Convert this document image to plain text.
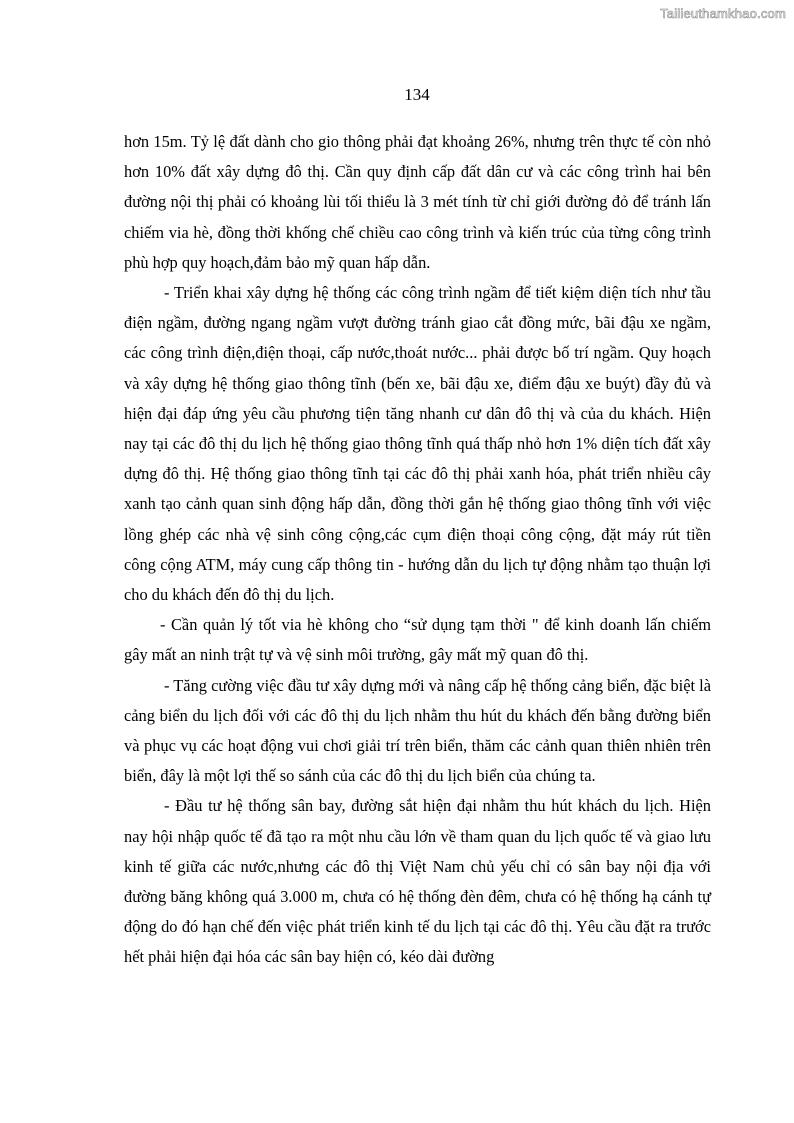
Tailieuthamkhao.com
134

hơn 15m. Tỷ lệ đất dành cho gio thông phải đạt khoảng 26%, nhưng trên thực tế còn nhỏ hơn 10% đất xây dựng đô thị. Cần quy định cấp đất dân cư và các công trình hai bên đường nội thị phải có khoảng lùi tối thiểu là 3 mét tính từ chỉ giới đường đỏ để tránh lấn chiếm via hè, đồng thời khống chế chiều cao công trình và kiến trúc của từng công trình phù hợp quy hoạch,đảm bảo mỹ quan hấp dẫn.

- Triển khai xây dựng hệ thống các công trình ngầm để tiết kiệm diện tích như tầu điện ngầm, đường ngang ngầm vượt đường tránh giao cắt đồng mức, bãi đậu xe ngầm, các công trình điện,điện thoại, cấp nước,thoát nước... phải được bố trí ngầm. Quy hoạch và xây dựng hệ thống giao thông tĩnh (bến xe, bãi đậu xe, điểm đậu xe buýt) đầy đủ và hiện đại đáp ứng yêu cầu phương tiện tăng nhanh cư dân đô thị và của du khách. Hiện nay tại các đô thị du lịch hệ thống giao thông tĩnh quá thấp nhỏ hơn 1% diện tích đất xây dựng đô thị. Hệ thống giao thông tĩnh tại các đô thị phải xanh hóa, phát triển nhiều cây xanh tạo cảnh quan sinh động hấp dẫn, đồng thời gắn hệ thống giao thông tĩnh với việc lồng ghép các nhà vệ sinh công cộng,các cụm điện thoại công cộng, đặt máy rút tiền công cộng ATM, máy cung cấp thông tin - hướng dẫn du lịch tự động nhằm tạo thuận lợi cho du khách đến đô thị du lịch.

- Cần quản lý tốt via hè không cho “sử dụng tạm thời " để kinh doanh lấn chiếm gây mất an ninh trật tự và vệ sinh môi trường, gây mất mỹ quan đô thị.

- Tăng cường việc đầu tư xây dựng mới và nâng cấp hệ thống cảng biển, đặc biệt là cảng biển du lịch đối với các đô thị du lịch nhằm thu hút du khách đến bằng đường biển và phục vụ các hoạt động vui chơi giải trí trên biển, thăm các cảnh quan thiên nhiên trên biển, đây là một lợi thế so sánh của các đô thị du lịch biển của chúng ta.

- Đầu tư hệ thống sân bay, đường sắt hiện đại nhằm thu hút khách du lịch. Hiện nay hội nhập quốc tế đã tạo ra một nhu cầu lớn về tham quan du lịch quốc tế và giao lưu kinh tế giữa các nước,nhưng các đô thị Việt Nam chủ yếu chỉ có sân bay nội địa với đường băng không quá 3.000 m, chưa có hệ thống đèn đêm, chưa có hệ thống hạ cánh tự động do đó hạn chế đến việc phát triển kinh tế du lịch tại các đô thị. Yêu cầu đặt ra trước hết phải hiện đại hóa các sân bay hiện có, kéo dài đường
